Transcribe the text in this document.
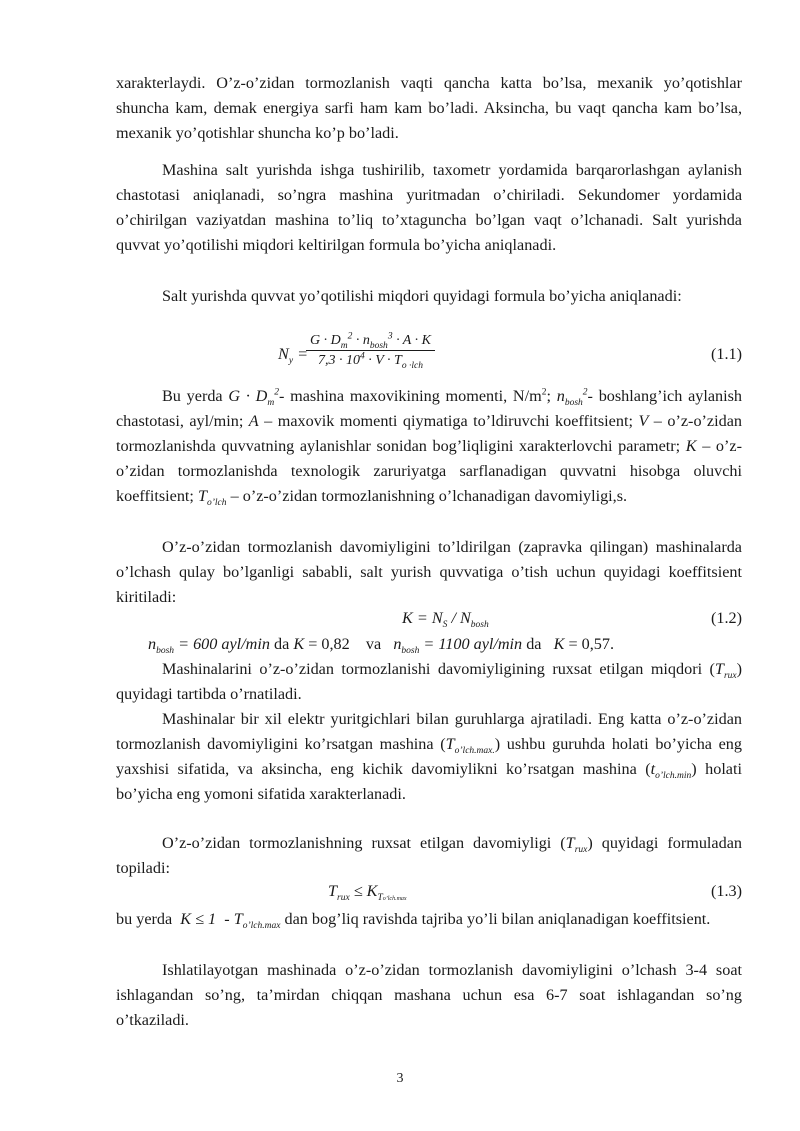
xarakterlaydi. O’z-o’zidan tormozlanish vaqti qancha katta bo’lsa, mexanik yo’qotishlar shuncha kam, demak energiya sarfi ham kam bo’ladi. Aksincha, bu vaqt qancha kam bo’lsa, mexanik yo’qotishlar shuncha ko’p bo’ladi.

Mashina salt yurishda ishga tushirilib, taxometr yordamida barqarorlashgan aylanish chastotasi aniqlanadi, so’ngra mashina yuritmadan o’chiriladi. Sekundomer yordamida o’chirilgan vaziyatdan mashina to’liq to’xtaguncha bo’lgan vaqt o’lchanadi. Salt yurishda quvvat yo’qotilishi miqdori keltirilgan formula bo’yicha aniqlanadi.

Salt yurishda quvvat yo’qotilishi miqdori quyidagi formula bo’yicha aniqlanadi:

$N_y$ =
$G \cdot D_m^2 \cdot n_{bosh}^3 \cdot A \cdot K$
$7,3 \cdot 10^4 \cdot V \cdot T_{o \cdot lch}$
(1.1)

Bu yerda $G \cdot D_m^2-$ mashina maxovikining momenti, $N/m^2$; $n_{bosh}^2-$ boshlang’ich aylanish chastotasi, ayl/min; A – maxovik momenti qiymatiga to’ldiruvchi koeffitsient; V – o’z-o’zidan tormozlanishda quvvatning aylanishlar sonidan bog’liqligini xarakterlovchi parametr; K – o’z-o’zidan tormozlanishda texnologik zaruriyatga sarflanadigan quvvatni hisobga oluvchi koeffitsient; $T_{o’lch}$ – o’z-o’zidan tormozlanishning o’lchanadigan davomiyligi,s.

O’z-o’zidan tormozlanish davomiyligini to’ldirilgan (zapravka qilingan) mashinalarda o’lchash qulay bo’lganligi sababli, salt yurish quvvatiga o’tish uchun quyidagi koeffitsient kiritiladi:

$K = N_S / N_{bosh}$	(1.2)

$n_{bosh} = 600$ ayl/min da K = 0,82    va   $n_{bosh} = 1100$ ayl/min da   K = 0,57.

Mashinalarini o’z-o’zidan tormozlanishi davomiyligining ruxsat etilgan miqdori $(T_{rux})$ quyidagi tartibda o’rnatiladi.

Mashinalar bir xil elektr yuritgichlari bilan guruhlarga ajratiladi. Eng katta o’z-o’zidan tormozlanish davomiyligini ko’rsatgan mashina $(T_{o’lch.max.})$ ushbu guruhda holati bo’yicha eng yaxshisi sifatida, va aksincha, eng kichik davomiylikni ko’rsatgan mashina $(t_{o’lch.min})$ holati bo’yicha eng yomoni sifatida xarakterlanadi.

O’z-o’zidan tormozlanishning ruxsat etilgan davomiyligi $(T_{rux})$ quyidagi formuladan topiladi:

$T_{rux} \le K_{To’lch.max}$	(1.3)

bu yerda  $K \le 1 - T_{o’lch.max}$ dan bog’liq ravishda tajriba yo’li bilan aniqlanadigan koeffitsient.

Ishlatilayotgan mashinada o’z-o’zidan tormozlanish davomiyligini o’lchash 3-4 soat ishlagandan so’ng, ta’mirdan chiqqan mashana uchun esa 6-7 soat ishlagandan so’ng o’tkaziladi.

3
